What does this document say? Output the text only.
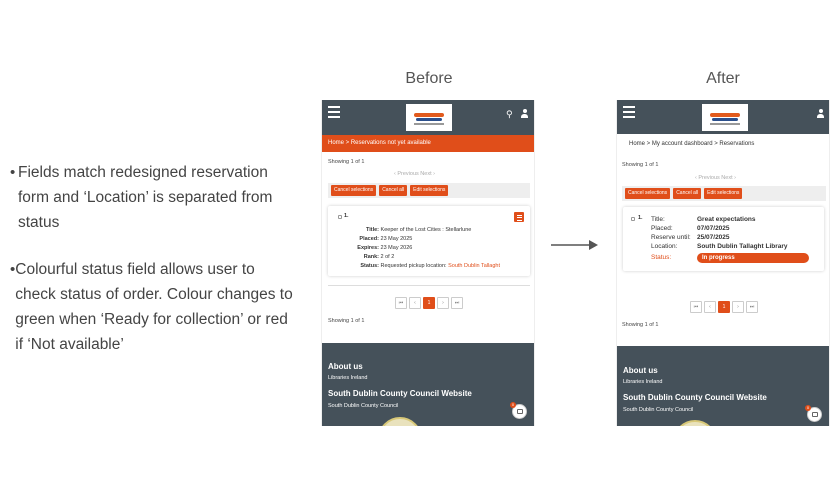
• Fields match redesigned reservation form and ‘Location’ is separated from status
• Colourful status field allows user to check status of order. Colour changes to green when ‘Ready for collection’ or red if ‘Not available’
Before	After
⚲
Home > Reservations not yet available
Showing 1 of 1
‹ Previous Next ›
Cancel selections	Cancel all	Edit selections
1.
Title: Keeper of the Lost Cities : Stellarlune
Placed: 23 May 2025
Expires: 23 May 2026
Rank: 2 of 2
Status: Requested pickup location: South Dublin Tallaght
⏮	‹	1	›	⏭
Showing 1 of 1
About us
Libraries Ireland
South Dublin County Council Website
South Dublin County Council	0
Home > My account dashboard > Reservations
Showing 1 of 1
‹ Previous Next ›
Cancel selections	Cancel all	Edit selections
1. Title:	Great expectations
Placed:	07/07/2025
Reserve until: 25/07/2025
Location:	South Dublin Tallaght Library
Status:	In progress
⏮	‹	1	›	⏭
Showing 1 of 1
About us
Libraries Ireland
South Dublin County Council Website
South Dublin County Council	0
